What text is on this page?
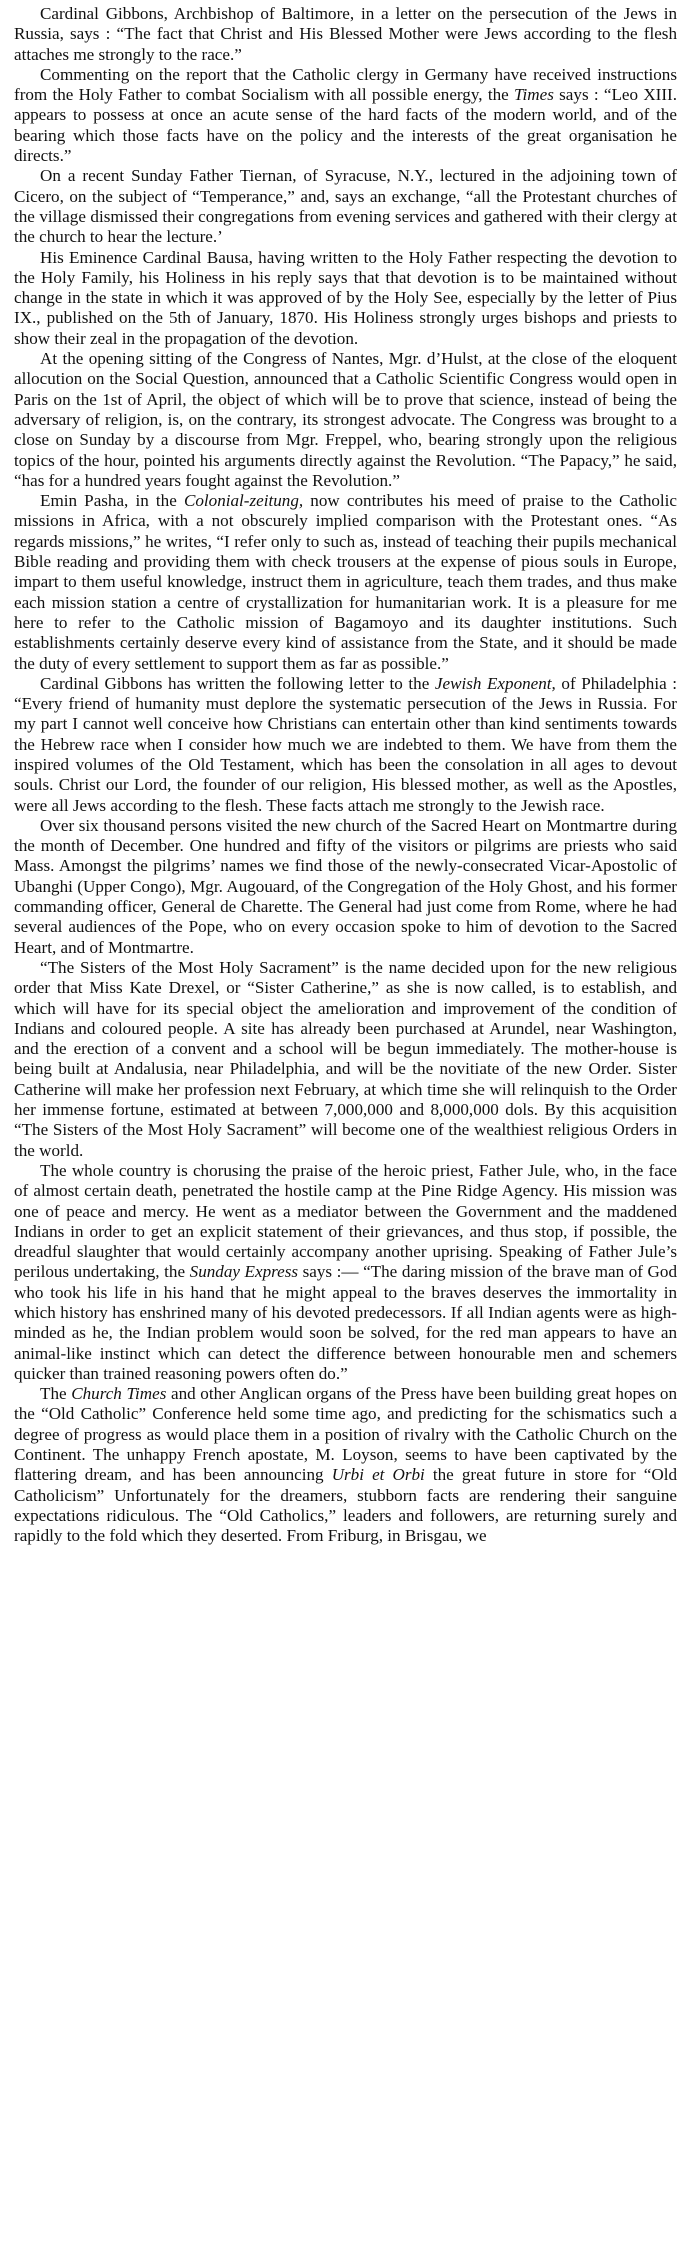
Cardinal Gibbons, Archbishop of Baltimore, in a letter on the persecution of the Jews in Russia, says : “The fact that Christ and His Blessed Mother were Jews according to the flesh attaches me strongly to the race.”

Commenting on the report that the Catholic clergy in Germany have received instructions from the Holy Father to combat Socialism with all possible energy, the Times says : “Leo XIII. appears to possess at once an acute sense of the hard facts of the modern world, and of the bearing which those facts have on the policy and the interests of the great organisation he directs.”

On a recent Sunday Father Tiernan, of Syracuse, N.Y., lectured in the adjoining town of Cicero, on the subject of “Temperance,” and, says an exchange, “all the Protestant churches of the village dismissed their congregations from evening services and gathered with their clergy at the church to hear the lecture.’

His Eminence Cardinal Bausa, having written to the Holy Father respecting the devotion to the Holy Family, his Holiness in his reply says that that devotion is to be maintained without change in the state in which it was approved of by the Holy See, especially by the letter of Pius IX., published on the 5th of January, 1870. His Holiness strongly urges bishops and priests to show their zeal in the propagation of the devotion.

At the opening sitting of the Congress of Nantes, Mgr. d’Hulst, at the close of the eloquent allocution on the Social Question, announced that a Catholic Scientific Congress would open in Paris on the 1st of April, the object of which will be to prove that science, instead of being the adversary of religion, is, on the contrary, its strongest advocate. The Congress was brought to a close on Sunday by a discourse from Mgr. Freppel, who, bearing strongly upon the religious topics of the hour, pointed his arguments directly against the Revolution. “The Papacy,” he said, “has for a hundred years fought against the Revolution.”

Emin Pasha, in the Colonial-zeitung, now contributes his meed of praise to the Catholic missions in Africa, with a not obscurely implied comparison with the Protestant ones. “As regards missions,” he writes, “I refer only to such as, instead of teaching their pupils mechanical Bible reading and providing them with check trousers at the expense of pious souls in Europe, impart to them useful knowledge, instruct them in agriculture, teach them trades, and thus make each mission station a centre of crystallization for humanitarian work. It is a pleasure for me here to refer to the Catholic mission of Bagamoyo and its daughter institutions. Such establishments certainly deserve every kind of assistance from the State, and it should be made the duty of every settlement to support them as far as possible.”

Cardinal Gibbons has written the following letter to the Jewish Exponent, of Philadelphia : “Every friend of humanity must deplore the systematic persecution of the Jews in Russia. For my part I cannot well conceive how Christians can entertain other than kind sentiments towards the Hebrew race when I consider how much we are indebted to them. We have from them the inspired volumes of the Old Testament, which has been the consolation in all ages to devout souls. Christ our Lord, the founder of our religion, His blessed mother, as well as the Apostles, were all Jews according to the flesh. These facts attach me strongly to the Jewish race.

Over six thousand persons visited the new church of the Sacred Heart on Montmartre during the month of December. One hundred and fifty of the visitors or pilgrims are priests who said Mass. Amongst the pilgrims’ names we find those of the newly-consecrated Vicar-Apostolic of Ubanghi (Upper Congo), Mgr. Augouard, of the Congregation of the Holy Ghost, and his former commanding officer, General de Charette. The General had just come from Rome, where he had several audiences of the Pope, who on every occasion spoke to him of devotion to the Sacred Heart, and of Montmartre.

“The Sisters of the Most Holy Sacrament” is the name decided upon for the new religious order that Miss Kate Drexel, or “Sister Catherine,” as she is now called, is to establish, and which will have for its special object the amelioration and improvement of the condition of Indians and coloured people. A site has already been purchased at Arundel, near Washington, and the erection of a convent and a school will be begun immediately. The mother-house is being built at Andalusia, near Philadelphia, and will be the novitiate of the new Order. Sister Catherine will make her profession next February, at which time she will relinquish to the Order her immense fortune, estimated at between 7,000,000 and 8,000,000 dols. By this acquisition “The Sisters of the Most Holy Sacrament” will become one of the wealthiest religious Orders in the world.

The whole country is chorusing the praise of the heroic priest, Father Jule, who, in the face of almost certain death, penetrated the hostile camp at the Pine Ridge Agency. His mission was one of peace and mercy. He went as a mediator between the Government and the maddened Indians in order to get an explicit statement of their grievances, and thus stop, if possible, the dreadful slaughter that would certainly accompany another uprising. Speaking of Father Jule’s perilous undertaking, the Sunday Express says :— “The daring mission of the brave man of God who took his life in his hand that he might appeal to the braves deserves the immortality in which history has enshrined many of his devoted predecessors. If all Indian agents were as high-minded as he, the Indian problem would soon be solved, for the red man appears to have an animal-like instinct which can detect the difference between honourable men and schemers quicker than trained reasoning powers often do.”

The Church Times and other Anglican organs of the Press have been building great hopes on the “Old Catholic” Conference held some time ago, and predicting for the schismatics such a degree of progress as would place them in a position of rivalry with the Catholic Church on the Continent. The unhappy French apostate, M. Loyson, seems to have been captivated by the flattering dream, and has been announcing Urbi et Orbi the great future in store for “Old Catholicism” Unfortunately for the dreamers, stubborn facts are rendering their sanguine expectations ridiculous. The “Old Catholics,” leaders and followers, are returning surely and rapidly to the fold which they deserted. From Friburg, in Brisgau, we
